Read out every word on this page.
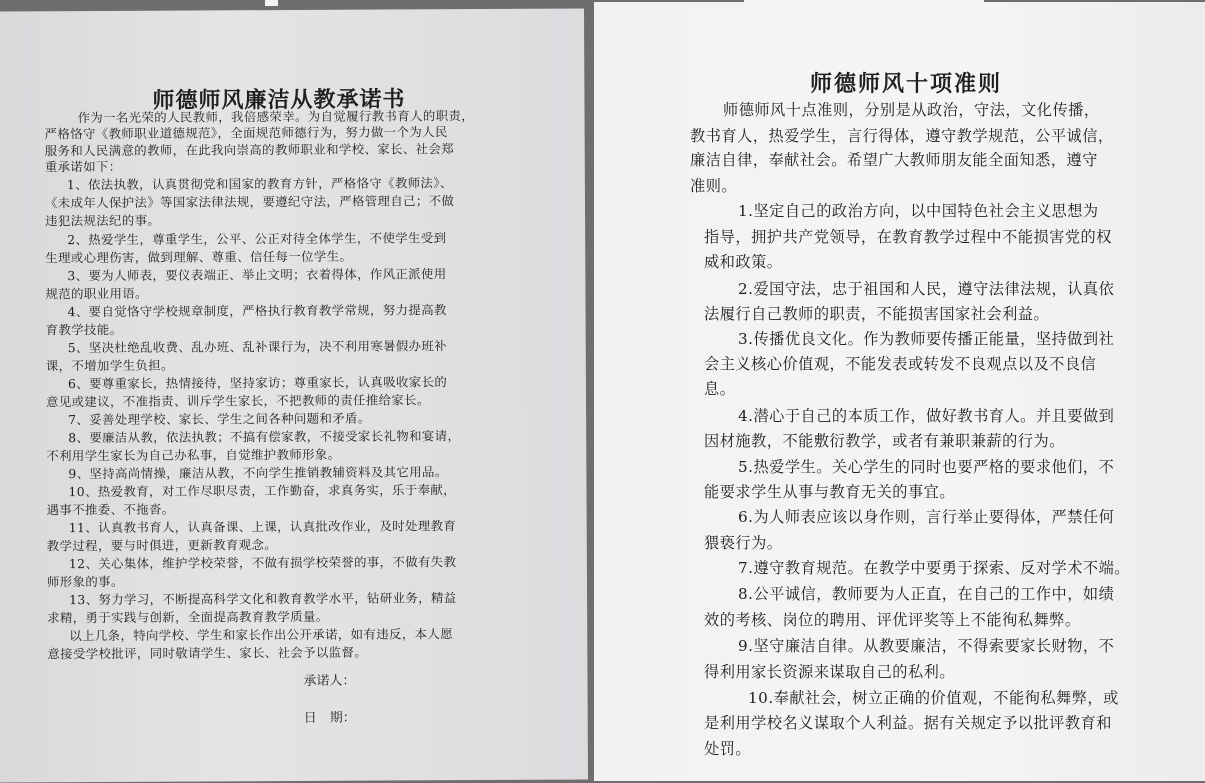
师德师风廉洁从教承诺书

作为一名光荣的人民教师，我倍感荣幸。为自觉履行教书育人的职责，

严格恪守《教师职业道德规范》，全面规范师德行为，努力做一个为人民

服务和人民满意的教师，在此我向崇高的教师职业和学校、家长、社会郑

重承诺如下：

1、依法执教，认真贯彻党和国家的教育方针，严格恪守《教师法》、

《未成年人保护法》等国家法律法规，要遵纪守法，严格管理自己；不做

违犯法规法纪的事。

2、热爱学生，尊重学生，公平、公正对待全体学生，不使学生受到

生理或心理伤害，做到理解、尊重、信任每一位学生。

3、要为人师表，要仪表端正、举止文明；衣着得体，作风正派使用

规范的职业用语。

4、要自觉恪守学校规章制度，严格执行教育教学常规，努力提高教

育教学技能。

5、坚决杜绝乱收费、乱办班、乱补课行为，决不利用寒暑假办班补

课，不增加学生负担。

6、要尊重家长，热情接待，坚持家访；尊重家长，认真吸收家长的

意见或建议，不准指责、训斥学生家长，不把教师的责任推给家长。

7、妥善处理学校、家长、学生之间各种问题和矛盾。

8、要廉洁从教，依法执教；不搞有偿家教，不接受家长礼物和宴请，

不利用学生家长为自己办私事，自觉维护教师形象。

9、坚持高尚情操，廉洁从教，不向学生推销教辅资料及其它用品。

10、热爱教育，对工作尽职尽责，工作勤奋，求真务实，乐于奉献，

遇事不推委、不拖沓。

11、认真教书育人，认真备课、上课，认真批改作业，及时处理教育

教学过程，要与时俱进，更新教育观念。

12、关心集体，维护学校荣誉，不做有损学校荣誉的事，不做有失教

师形象的事。

13、努力学习，不断提高科学文化和教育教学水平，钻研业务，精益

求精，勇于实践与创新，全面提高教育教学质量。

以上几条，特向学校、学生和家长作出公开承诺，如有违反，本人愿

意接受学校批评，同时敬请学生、家长、社会予以监督。

承诺人：

日　期：

师德师风十项准则

师德师风十点准则，分别是从政治，守法，文化传播，

教书育人，热爱学生，言行得体，遵守教学规范，公平诚信，

廉洁自律，奉献社会。希望广大教师朋友能全面知悉，遵守

准则。

1.坚定自己的政治方向，以中国特色社会主义思想为

指导，拥护共产党领导，在教育教学过程中不能损害党的权

威和政策。

2.爱国守法，忠于祖国和人民，遵守法律法规，认真依

法履行自己教师的职责，不能损害国家社会利益。

3.传播优良文化。作为教师要传播正能量，坚持做到社

会主义核心价值观，不能发表或转发不良观点以及不良信

息。

4.潜心于自己的本质工作，做好教书育人。并且要做到

因材施教，不能敷衍教学，或者有兼职兼薪的行为。

5.热爱学生。关心学生的同时也要严格的要求他们，不

能要求学生从事与教育无关的事宜。

6.为人师表应该以身作则，言行举止要得体，严禁任何

猥亵行为。

7.遵守教育规范。在教学中要勇于探索、反对学术不端。

8.公平诚信，教师要为人正直，在自己的工作中，如绩

效的考核、岗位的聘用、评优评奖等上不能徇私舞弊。

9.坚守廉洁自律。从教要廉洁，不得索要家长财物，不

得利用家长资源来谋取自己的私利。

10.奉献社会，树立正确的价值观，不能徇私舞弊，或

是利用学校名义谋取个人利益。据有关规定予以批评教育和

处罚。
